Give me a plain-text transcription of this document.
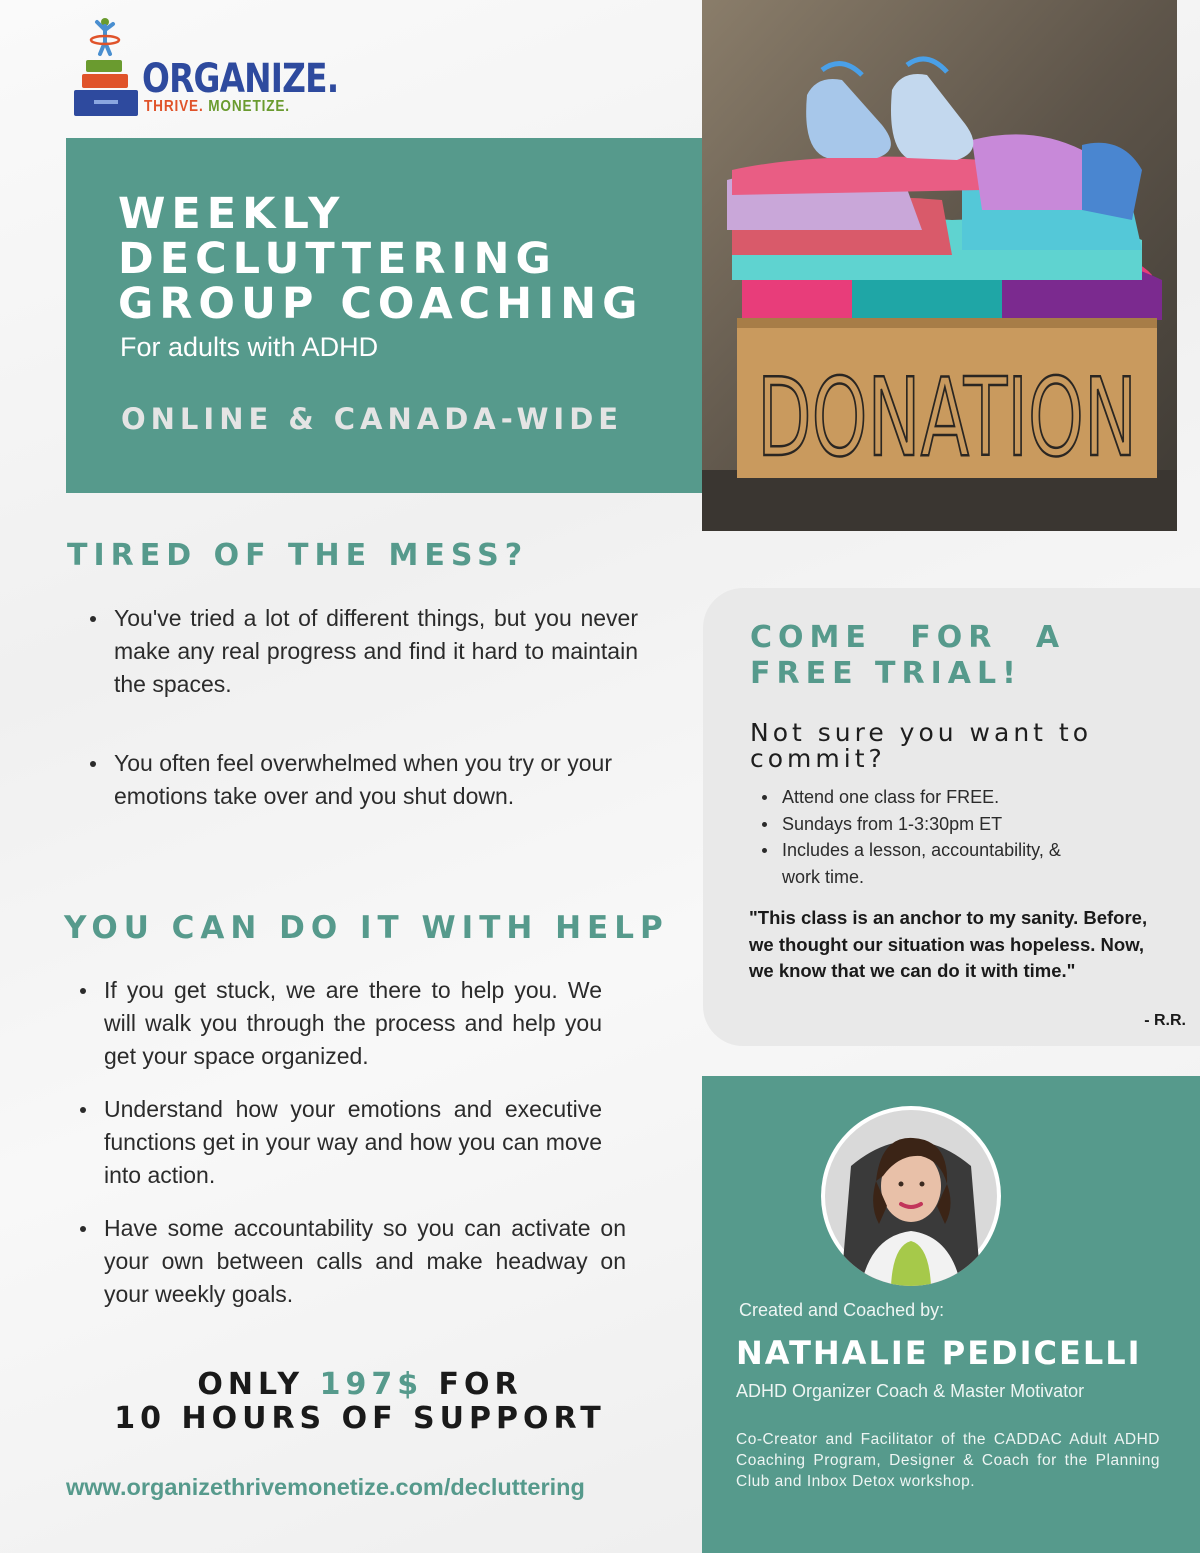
ORGANIZE.
THRIVE. MONETIZE.
WEEKLY
DECLUTTERING
GROUP COACHING
For adults with ADHD
ONLINE & CANADA-WIDE DONATION
TIRED OF THE MESS?
You've tried a lot of different things, but you never make any real progress and find it hard to maintain the spaces.
You often feel overwhelmed when you try or your emotions take over and you shut down.
YOU CAN DO IT WITH HELP
If you get stuck, we are there to help you. We will walk you through the process and help you get your space organized.
Understand how your emotions and executive functions get in your way and how you can move into action.
Have some accountability so you can activate on your own between calls and make headway on your weekly goals.
COME FOR A
FREE TRIAL!
Not sure you want to commit?
Attend one class for FREE.
Sundays from 1-3:30pm ET
Includes a lesson, accountability, & work time.
"This class is an anchor to my sanity. Before, we thought our situation was hopeless. Now, we know that we can do it with time."
- R.R.
Created and Coached by:
NATHALIE PEDICELLI
ADHD Organizer Coach & Master Motivator
Co-Creator and Facilitator of the CADDAC Adult ADHD Coaching Program, Designer & Coach for the Planning Club and Inbox Detox workshop.
ONLY 197$ FOR
10 HOURS OF SUPPORT
www.organizethrivemonetize.com/decluttering
